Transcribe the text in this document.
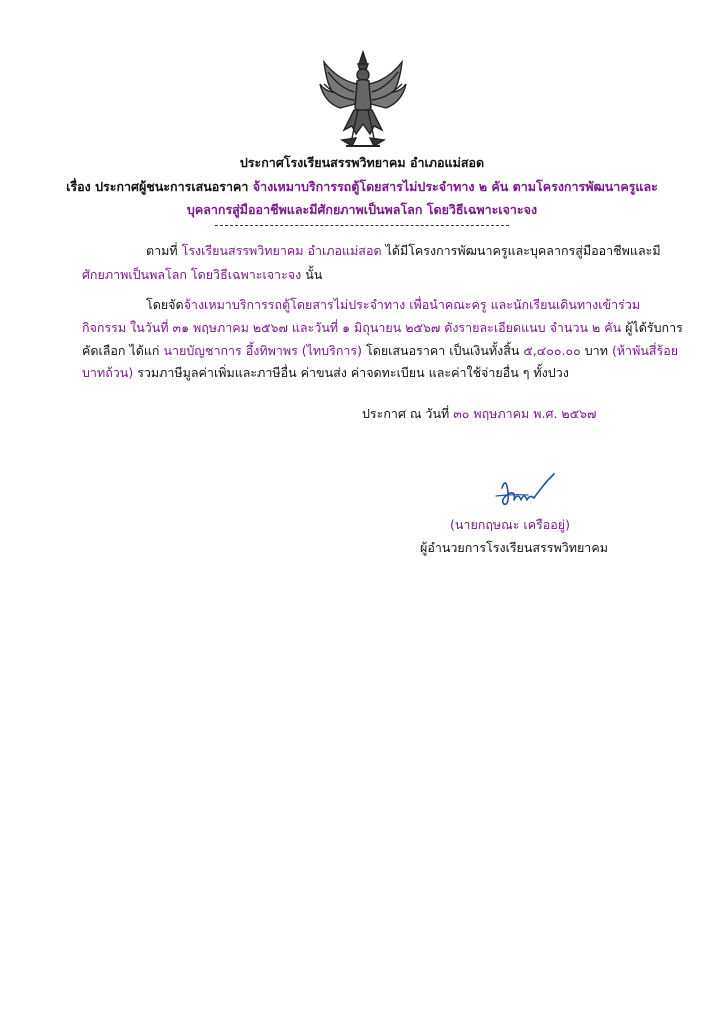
ประกาศโรงเรียนสรรพวิทยาคม อำเภอแม่สอด
เรื่อง ประกาศผู้ชนะการเสนอราคา จ้างเหมาบริการรถตู้โดยสารไม่ประจำทาง ๒ คัน ตามโครงการพัฒนาครูและ
บุคลากรสู่มืออาชีพและมีศักยภาพเป็นพลโลก โดยวิธีเฉพาะเจาะจง
ตามที่ โรงเรียนสรรพวิทยาคม อำเภอแม่สอด ได้มีโครงการพัฒนาครูและบุคลากรสู่มืออาชีพและมี
ศักยภาพเป็นพลโลก โดยวิธีเฉพาะเจาะจง นั้น
โดยจัดจ้างเหมาบริการรถตู้โดยสารไม่ประจำทาง เพื่อนำคณะครู และนักเรียนเดินทางเข้าร่วม
กิจกรรม ในวันที่ ๓๑ พฤษภาคม ๒๕๖๗ และวันที่ ๑ มิถุนายน ๒๕๖๗ ดังรายละเอียดแนบ จำนวน ๒ คัน ผู้ได้รับการ
คัดเลือก ได้แก่ นายบัญชาการ อึ้งทิพาพร (ไทบริการ) โดยเสนอราคา เป็นเงินทั้งสิ้น ๕,๔๐๐.๐๐ บาท (ห้าพันสี่ร้อย
บาทถ้วน) รวมภาษีมูลค่าเพิ่มและภาษีอื่น ค่าขนส่ง ค่าจดทะเบียน และค่าใช้จ่ายอื่น ๆ ทั้งปวง
ประกาศ ณ วันที่ ๓๐ พฤษภาคม พ.ศ. ๒๕๖๗
(นายกฤษณะ เครืออยู่)
ผู้อำนวยการโรงเรียนสรรพวิทยาคม
